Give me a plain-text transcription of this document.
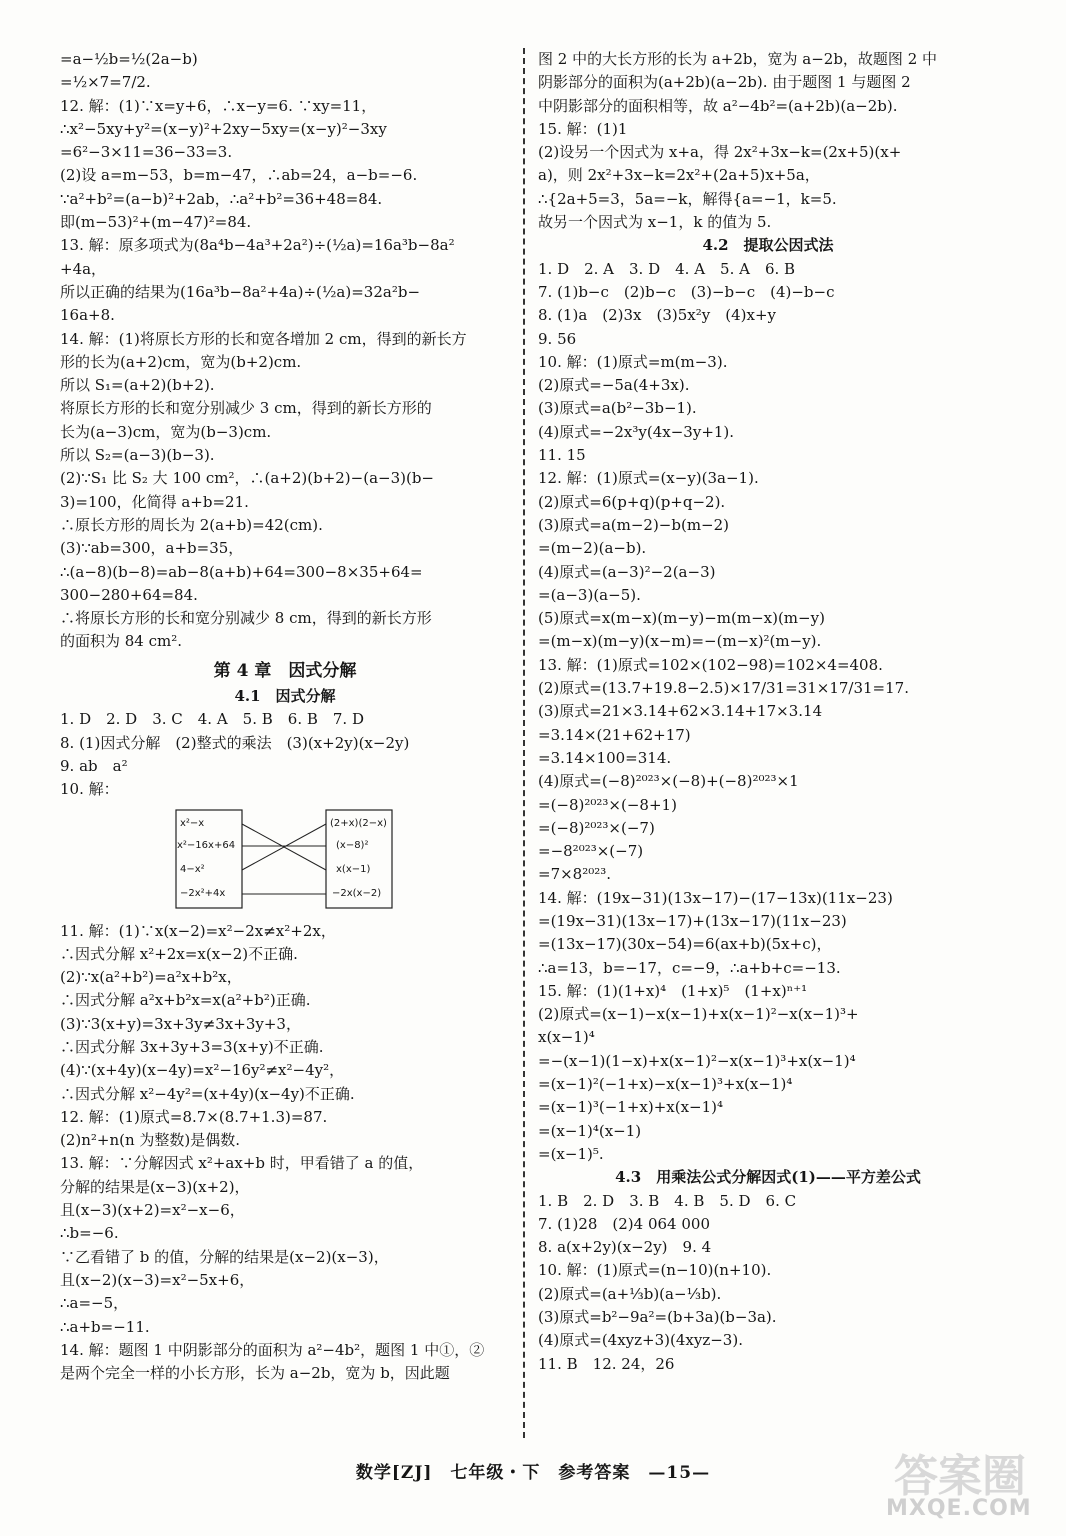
=a−½b=½(2a−b)
=½×7=7/2.
12. 解：(1)∵x=y+6，∴x−y=6. ∵xy=11，
∴x²−5xy+y²=(x−y)²+2xy−5xy=(x−y)²−3xy
=6²−3×11=36−33=3.
(2)设 a=m−53，b=m−47，∴ab=24，a−b=−6.
∵a²+b²=(a−b)²+2ab，∴a²+b²=36+48=84.
即(m−53)²+(m−47)²=84.
13. 解：原多项式为(8a⁴b−4a³+2a²)÷(½a)=16a³b−8a²
+4a，
所以正确的结果为(16a³b−8a²+4a)÷(½a)=32a²b−
16a+8.
14. 解：(1)将原长方形的长和宽各增加 2 cm，得到的新长方
形的长为(a+2)cm，宽为(b+2)cm.
所以 S₁=(a+2)(b+2).
将原长方形的长和宽分别减少 3 cm，得到的新长方形的
长为(a−3)cm，宽为(b−3)cm.
所以 S₂=(a−3)(b−3).
(2)∵S₁ 比 S₂ 大 100 cm²，∴(a+2)(b+2)−(a−3)(b−
3)=100，化简得 a+b=21.
∴原长方形的周长为 2(a+b)=42(cm).
(3)∵ab=300，a+b=35，
∴(a−8)(b−8)=ab−8(a+b)+64=300−8×35+64=
300−280+64=84.
∴将原长方形的长和宽分别减少 8 cm，得到的新长方形
的面积为 84 cm².
第 4 章　因式分解
4.1　因式分解
1. D　2. D　3. C　4. A　5. B　6. B　7. D
8. (1)因式分解　(2)整式的乘法　(3)(x+2y)(x−2y)
9. ab　a²
10. 解：
x²−x
x²−16x+64
4−x²
−2x²+4x
(2+x)(2−x)
(x−8)²
x(x−1)
−2x(x−2)
11. 解：(1)∵x(x−2)=x²−2x≠x²+2x，
∴因式分解 x²+2x=x(x−2)不正确.
(2)∵x(a²+b²)=a²x+b²x，
∴因式分解 a²x+b²x=x(a²+b²)正确.
(3)∵3(x+y)=3x+3y≠3x+3y+3，
∴因式分解 3x+3y+3=3(x+y)不正确.
(4)∵(x+4y)(x−4y)=x²−16y²≠x²−4y²，
∴因式分解 x²−4y²=(x+4y)(x−4y)不正确.
12. 解：(1)原式=8.7×(8.7+1.3)=87.
(2)n²+n(n 为整数)是偶数.
13. 解：∵分解因式 x²+ax+b 时，甲看错了 a 的值，
分解的结果是(x−3)(x+2)，
且(x−3)(x+2)=x²−x−6，
∴b=−6.
∵乙看错了 b 的值，分解的结果是(x−2)(x−3)，
且(x−2)(x−3)=x²−5x+6，
∴a=−5，
∴a+b=−11.
14. 解：题图 1 中阴影部分的面积为 a²−4b²，题图 1 中①，②
是两个完全一样的小长方形，长为 a−2b，宽为 b，因此题
图 2 中的大长方形的长为 a+2b，宽为 a−2b，故题图 2 中
阴影部分的面积为(a+2b)(a−2b). 由于题图 1 与题图 2
中阴影部分的面积相等，故 a²−4b²=(a+2b)(a−2b).
15. 解：(1)1
(2)设另一个因式为 x+a，得 2x²+3x−k=(2x+5)(x+
a)，则 2x²+3x−k=2x²+(2a+5)x+5a，
∴{2a+5=3，5a=−k，解得{a=−1，k=5.
故另一个因式为 x−1，k 的值为 5.
4.2　提取公因式法
1. D　2. A　3. D　4. A　5. A　6. B
7. (1)b−c　(2)b−c　(3)−b−c　(4)−b−c
8. (1)a　(2)3x　(3)5x²y　(4)x+y
9. 56
10. 解：(1)原式=m(m−3).
(2)原式=−5a(4+3x).
(3)原式=a(b²−3b−1).
(4)原式=−2x³y(4x−3y+1).
11. 15
12. 解：(1)原式=(x−y)(3a−1).
(2)原式=6(p+q)(p+q−2).
(3)原式=a(m−2)−b(m−2)
=(m−2)(a−b).
(4)原式=(a−3)²−2(a−3)
=(a−3)(a−5).
(5)原式=x(m−x)(m−y)−m(m−x)(m−y)
=(m−x)(m−y)(x−m)=−(m−x)²(m−y).
13. 解：(1)原式=102×(102−98)=102×4=408.
(2)原式=(13.7+19.8−2.5)×17/31=31×17/31=17.
(3)原式=21×3.14+62×3.14+17×3.14
=3.14×(21+62+17)
=3.14×100=314.
(4)原式=(−8)²⁰²³×(−8)+(−8)²⁰²³×1
=(−8)²⁰²³×(−8+1)
=(−8)²⁰²³×(−7)
=−8²⁰²³×(−7)
=7×8²⁰²³.
14. 解：(19x−31)(13x−17)−(17−13x)(11x−23)
=(19x−31)(13x−17)+(13x−17)(11x−23)
=(13x−17)(30x−54)=6(ax+b)(5x+c)，
∴a=13，b=−17，c=−9，∴a+b+c=−13.
15. 解：(1)(1+x)⁴　(1+x)⁵　(1+x)ⁿ⁺¹
(2)原式=(x−1)−x(x−1)+x(x−1)²−x(x−1)³+
x(x−1)⁴
=−(x−1)(1−x)+x(x−1)²−x(x−1)³+x(x−1)⁴
=(x−1)²(−1+x)−x(x−1)³+x(x−1)⁴
=(x−1)³(−1+x)+x(x−1)⁴
=(x−1)⁴(x−1)
=(x−1)⁵.
4.3　用乘法公式分解因式(1)——平方差公式
1. B　2. D　3. B　4. B　5. D　6. C
7. (1)28　(2)4 064 000
8. a(x+2y)(x−2y)　9. 4
10. 解：(1)原式=(n−10)(n+10).
(2)原式=(a+⅓b)(a−⅓b).
(3)原式=b²−9a²=(b+3a)(b−3a).
(4)原式=(4xyz+3)(4xyz−3).
11. B　12. 24，26
数学[ZJ]　七年级・下　参考答案　—15—	答案圈
MXQE.COM
